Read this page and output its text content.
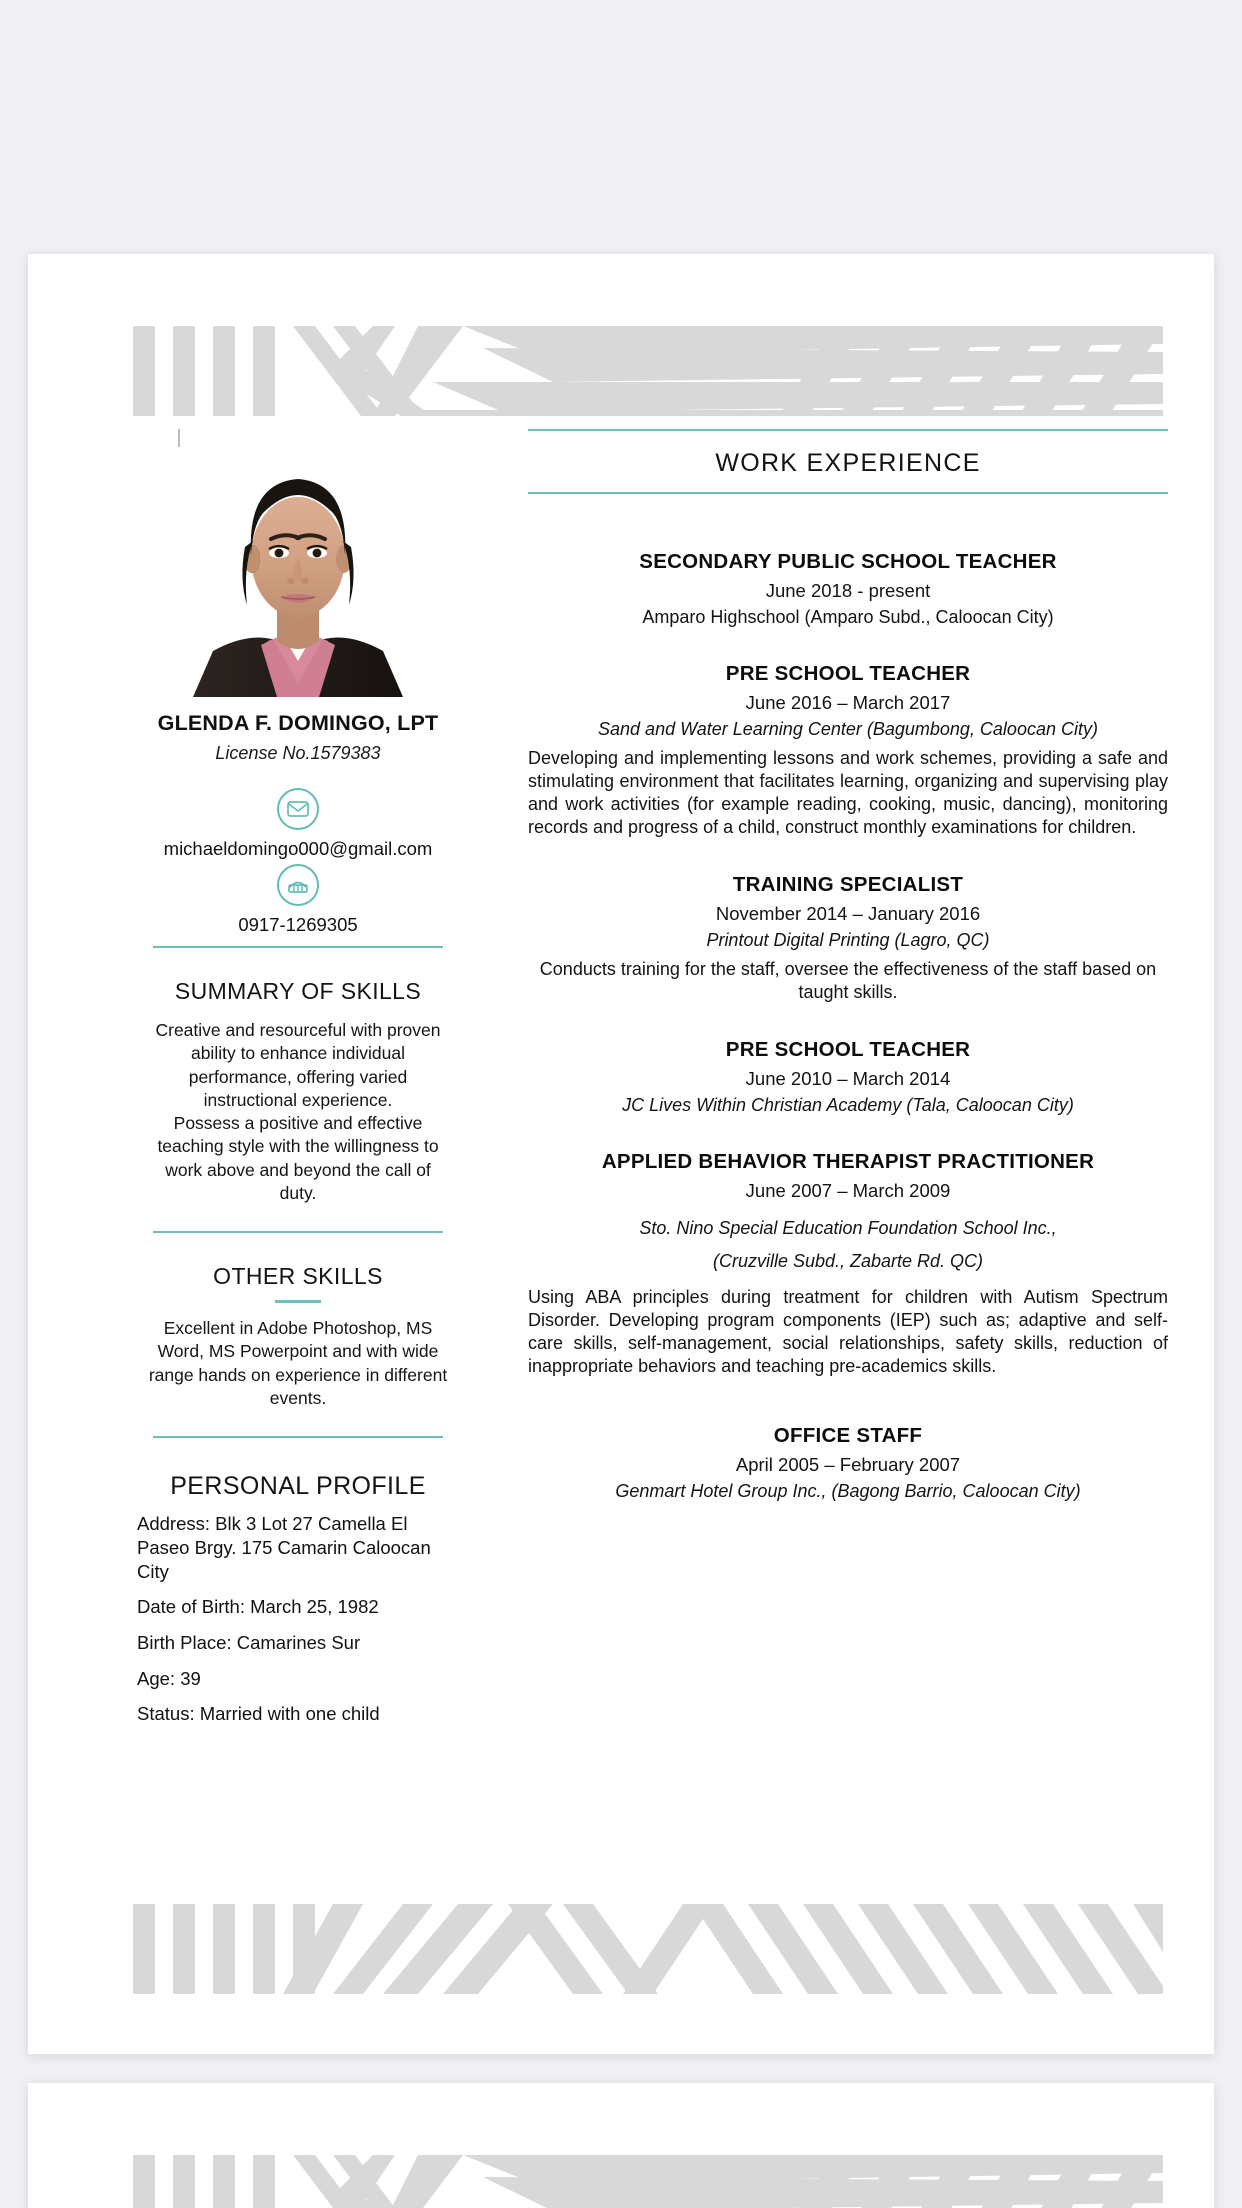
GLENDA F. DOMINGO, LPT
License No.1579383
michaeldomingo000@gmail.com
0917-1269305
SUMMARY OF SKILLS

Creative and resourceful with proven ability to enhance individual performance, offering varied instructional experience.

Possess a positive and effective teaching style with the willingness to work above and beyond the call of duty.

OTHER SKILLS
Excellent in Adobe Photoshop, MS Word, MS Powerpoint and with wide range hands on experience in different events.
PERSONAL PROFILE
Address: Blk 3 Lot 27 Camella El Paseo Brgy. 175 Camarin Caloocan City
Date of Birth: March 25, 1982
Birth Place: Camarines Sur
Age: 39
Status: Married with one child
WORK EXPERIENCE
SECONDARY PUBLIC SCHOOL TEACHER
June 2018 - present
Amparo Highschool (Amparo Subd., Caloocan City)
PRE SCHOOL TEACHER
June 2016 – March 2017
Sand and Water Learning Center (Bagumbong, Caloocan City)
Developing and implementing lessons and work schemes, providing a safe and stimulating environment that facilitates learning, organizing and supervising play and work activities (for example reading, cooking, music, dancing), monitoring records and progress of a child, construct monthly examinations for children.
TRAINING SPECIALIST
November 2014 – January 2016
Printout Digital Printing (Lagro, QC)
Conducts training for the staff, oversee the effectiveness of the staff based on taught skills.
PRE SCHOOL TEACHER
June 2010 – March 2014
JC Lives Within Christian Academy (Tala, Caloocan City)
APPLIED BEHAVIOR THERAPIST PRACTITIONER
June 2007 – March 2009
Sto. Nino Special Education Foundation School Inc.,
(Cruzville Subd., Zabarte Rd. QC)
Using ABA principles during treatment for children with Autism Spectrum Disorder. Developing program components (IEP) such as; adaptive and self-care skills, self-management, social relationships, safety skills, reduction of inappropriate behaviors and teaching pre-academics skills.
OFFICE STAFF
April 2005 – February 2007
Genmart Hotel Group Inc., (Bagong Barrio, Caloocan City)
